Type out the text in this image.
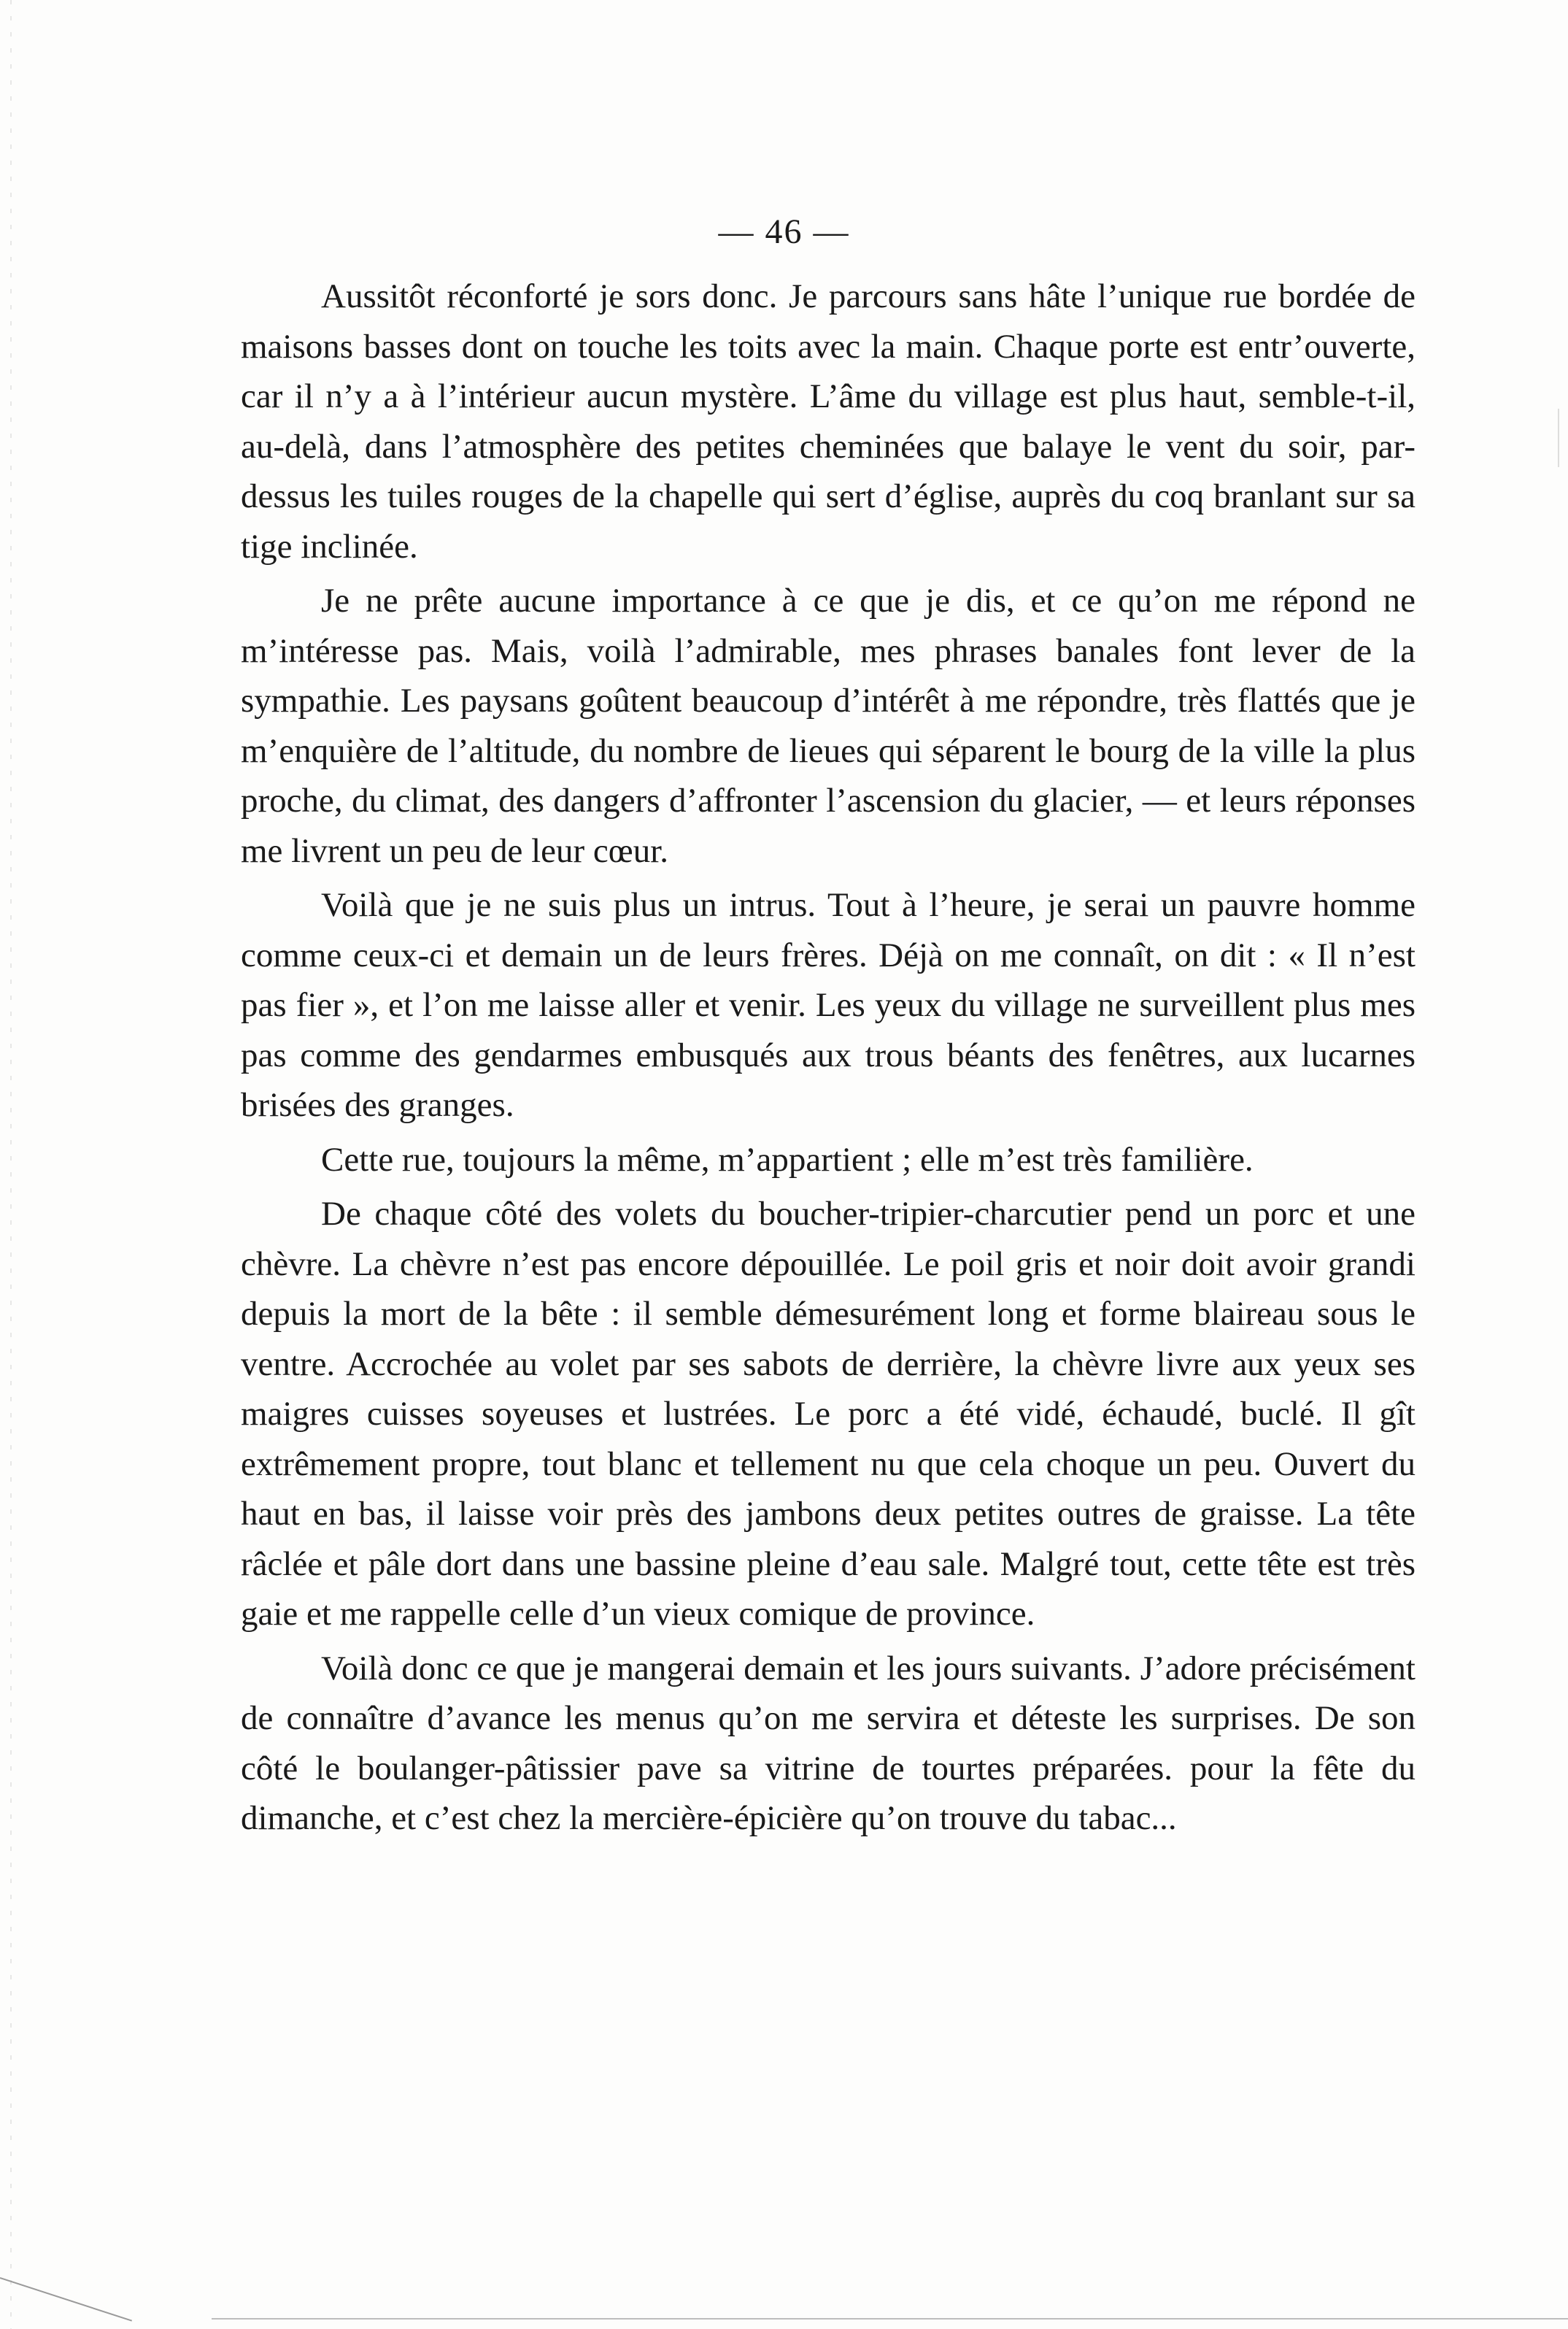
— 46 —

Aussitôt réconforté je sors donc. Je parcours sans hâte l’unique rue bordée de maisons basses dont on touche les toits avec la main. Chaque porte est entr’ouverte, car il n’y a à l’intérieur aucun mystère. L’âme du village est plus haut, semble-t-il, au-delà, dans l’atmosphère des petites cheminées que balaye le vent du soir, par-dessus les tuiles rouges de la chapelle qui sert d’église, auprès du coq branlant sur sa tige inclinée.

Je ne prête aucune importance à ce que je dis, et ce qu’on me répond ne m’intéresse pas. Mais, voilà l’admirable, mes phrases banales font lever de la sympathie. Les paysans goûtent beaucoup d’intérêt à me répondre, très flattés que je m’enquière de l’altitude, du nombre de lieues qui séparent le bourg de la ville la plus proche, du climat, des dangers d’affronter l’ascension du glacier, — et leurs réponses me livrent un peu de leur cœur.

Voilà que je ne suis plus un intrus. Tout à l’heure, je serai un pauvre homme comme ceux-ci et demain un de leurs frères. Déjà on me connaît, on dit : « Il n’est pas fier », et l’on me laisse aller et venir. Les yeux du village ne surveillent plus mes pas comme des gendarmes embusqués aux trous béants des fenêtres, aux lucarnes brisées des granges.

Cette rue, toujours la même, m’appartient ; elle m’est très familière.

De chaque côté des volets du boucher-tripier-charcutier pend un porc et une chèvre. La chèvre n’est pas encore dépouillée. Le poil gris et noir doit avoir grandi depuis la mort de la bête : il semble démesurément long et forme blaireau sous le ventre. Accrochée au volet par ses sabots de derrière, la chèvre livre aux yeux ses maigres cuisses soyeuses et lustrées. Le porc a été vidé, échaudé, buclé. Il gît extrêmement propre, tout blanc et tellement nu que cela choque un peu. Ouvert du haut en bas, il laisse voir près des jambons deux petites outres de graisse. La tête râclée et pâle dort dans une bassine pleine d’eau sale. Malgré tout, cette tête est très gaie et me rappelle celle d’un vieux comique de province.

Voilà donc ce que je mangerai demain et les jours suivants. J’adore précisément de connaître d’avance les menus qu’on me servira et déteste les surprises. De son côté le boulanger-pâtissier pave sa vitrine de tourtes préparées. pour la fête du dimanche, et c’est chez la mercière-épicière qu’on trouve du tabac...
